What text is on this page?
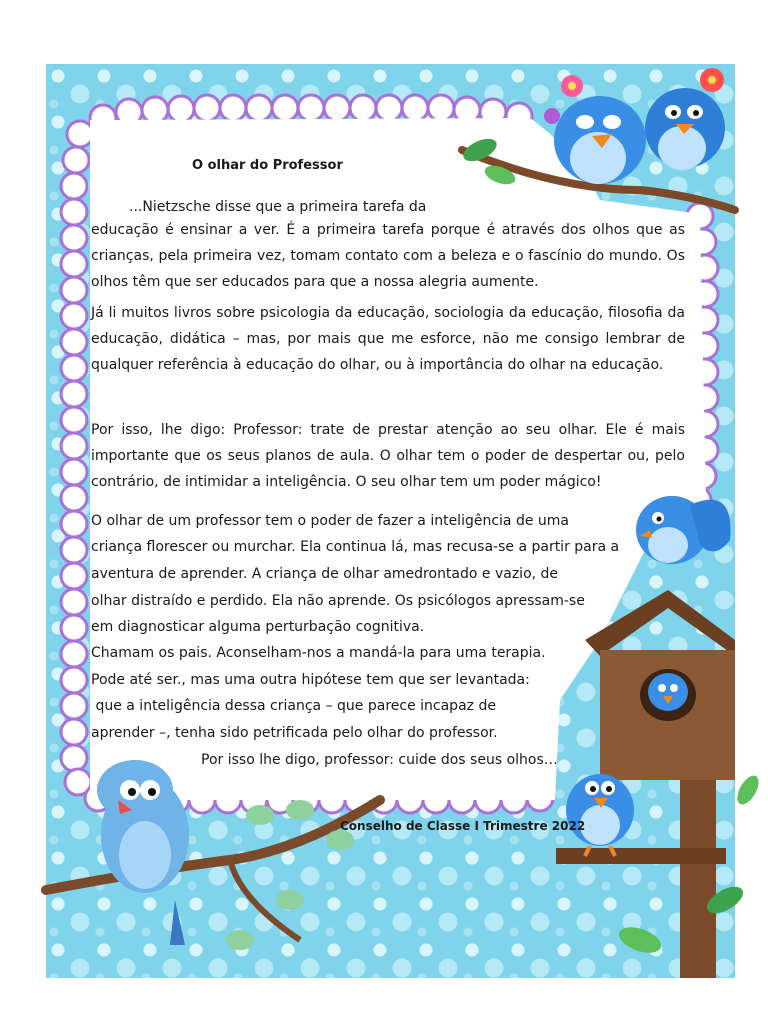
O olhar do Professor

...Nietzsche disse que a primeira tarefa da

educação é ensinar a ver. É a primeira tarefa porque é através dos olhos que as crianças, pela primeira vez, tomam contato com a beleza e o fascínio do mundo. Os olhos têm que ser educados para que a nossa alegria aumente.

Já li muitos livros sobre psicologia da educação, sociologia da educação, filosofia da educação, didática – mas, por mais que me esforce, não me consigo lembrar de qualquer referência à educação do olhar, ou à importância do olhar na educação.

Por isso, lhe digo: Professor: trate de prestar atenção ao seu olhar. Ele é mais importante que os seus planos de aula. O olhar tem o poder de despertar ou, pelo contrário, de intimidar a inteligência. O seu olhar tem um poder mágico!

O olhar de um professor tem o poder de fazer a inteligência de uma

criança florescer ou murchar. Ela continua lá, mas recusa-se a partir para a

aventura de aprender. A criança de olhar amedrontado e vazio, de

olhar distraído e perdido. Ela não aprende. Os psicólogos apressam-se

em diagnosticar alguma perturbação cognitiva.

Chamam os pais. Aconselham-nos a mandá-la para uma terapia.

Pode até ser., mas uma outra hipótese tem que ser levantada:

que a inteligência dessa criança – que parece incapaz de

aprender –, tenha sido petrificada pelo olhar do professor.

Por isso lhe digo, professor: cuide dos seus olhos…

Conselho de Classe I Trimestre 2022
